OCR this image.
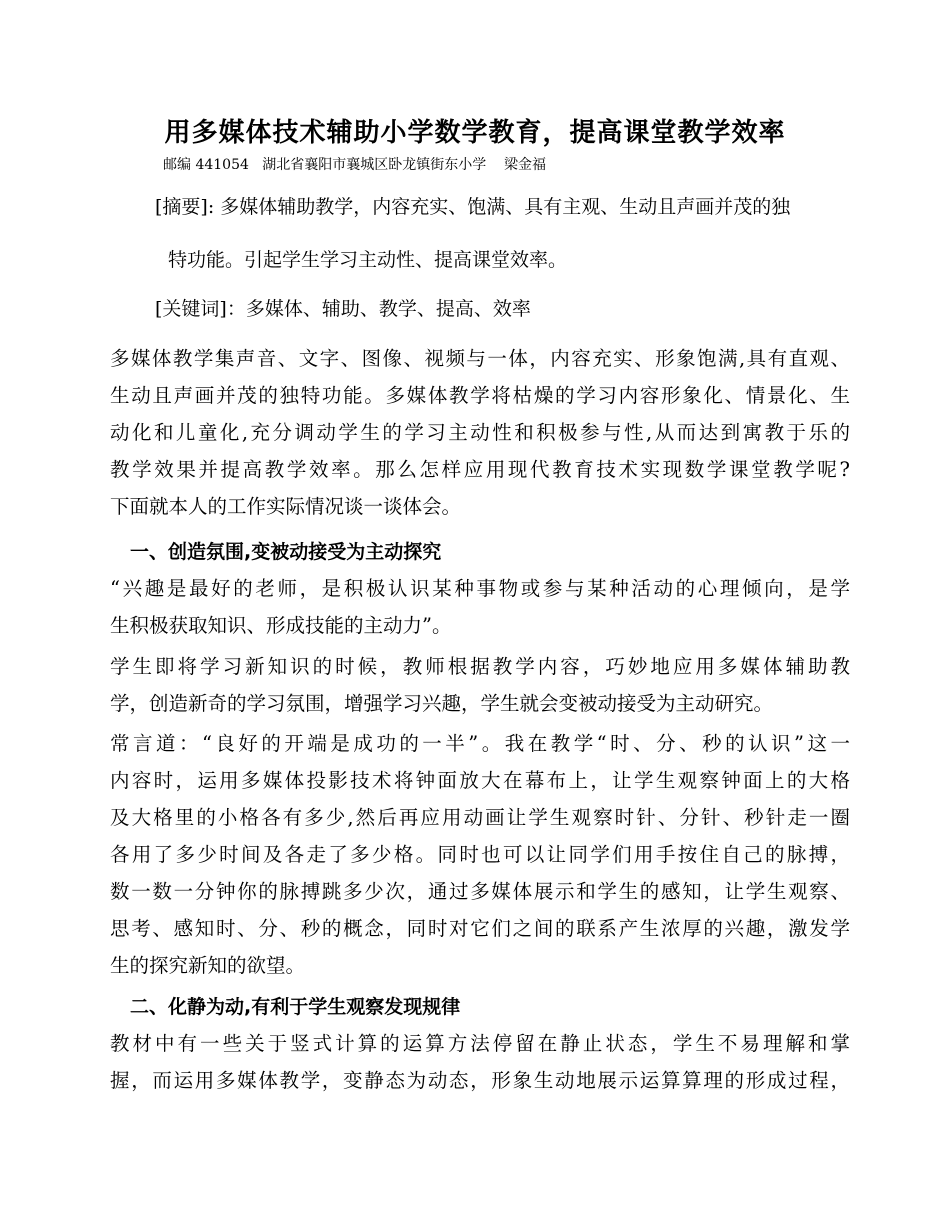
用多媒体技术辅助小学数学教育，提高课堂教学效率
邮编 441054   湖北省襄阳市襄城区卧龙镇街东小学    梁金福
[摘要]: 多媒体辅助教学，内容充实、饱满、具有主观、生动且声画并茂的独
特功能。引起学生学习主动性、提高课堂效率。
[关键词]：多媒体、辅助、教学、提高、效率
多媒体教学集声音、文字、图像、视频与一体，内容充实、形象饱满,具有直观、
生动且声画并茂的独特功能。多媒体教学将枯燥的学习内容形象化、情景化、生
动化和儿童化,充分调动学生的学习主动性和积极参与性,从而达到寓教于乐的
教学效果并提高教学效率。那么怎样应用现代教育技术实现数学课堂教学呢?
下面就本人的工作实际情况谈一谈体会。
一、创造氛围,变被动接受为主动探究
“兴趣是最好的老师，是积极认识某种事物或参与某种活动的心理倾向，是学
生积极获取知识、形成技能的主动力”。
学生即将学习新知识的时候，教师根据教学内容，巧妙地应用多媒体辅助教
学，创造新奇的学习氛围，增强学习兴趣，学生就会变被动接受为主动研究。
常言道：“良好的开端是成功的一半”。我在教学“时、分、秒的认识”这一
内容时，运用多媒体投影技术将钟面放大在幕布上，让学生观察钟面上的大格
及大格里的小格各有多少,然后再应用动画让学生观察时针、分针、秒针走一圈
各用了多少时间及各走了多少格。同时也可以让同学们用手按住自己的脉搏，
数一数一分钟你的脉搏跳多少次，通过多媒体展示和学生的感知，让学生观察、
思考、感知时、分、秒的概念，同时对它们之间的联系产生浓厚的兴趣，激发学
生的探究新知的欲望。
二、化静为动,有利于学生观察发现规律
教材中有一些关于竖式计算的运算方法停留在静止状态，学生不易理解和掌
握，而运用多媒体教学，变静态为动态，形象生动地展示运算算理的形成过程，
